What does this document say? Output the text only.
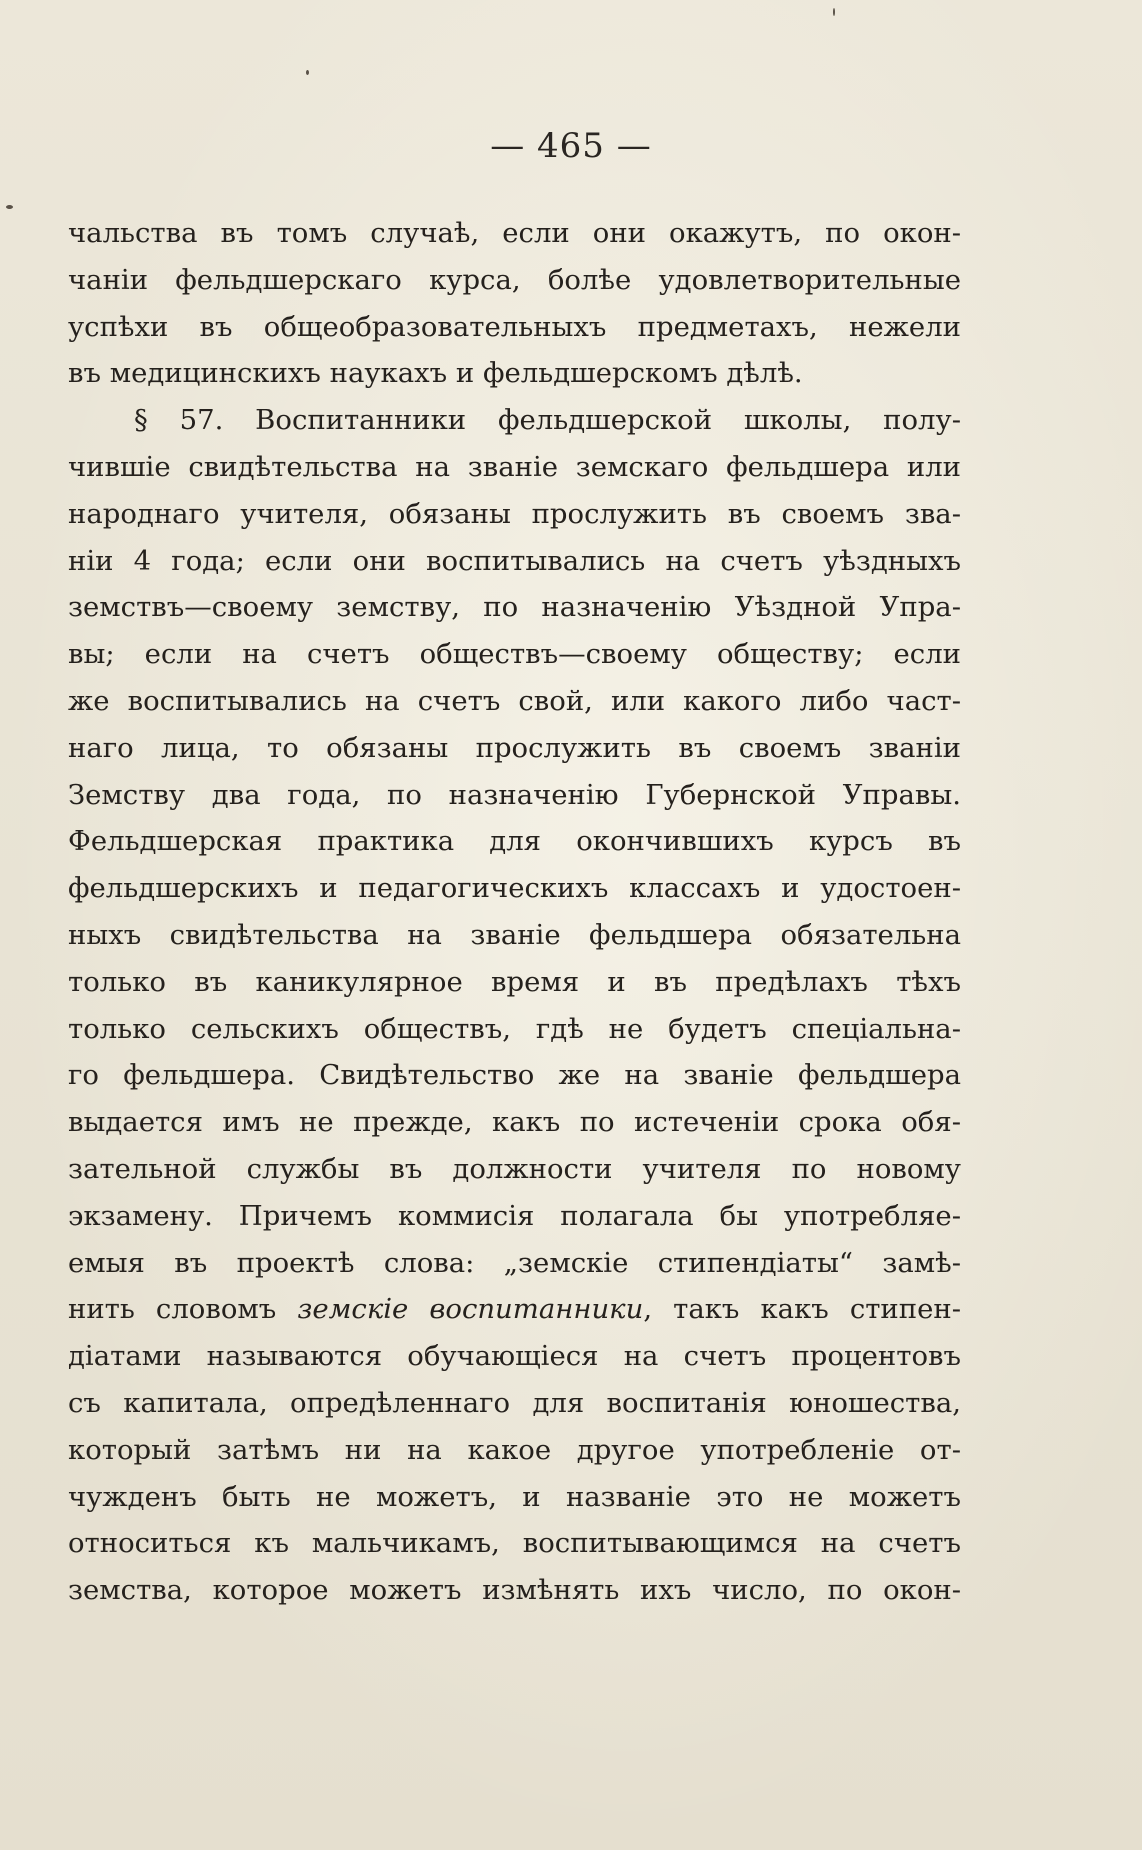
— 465 —
чальства въ томъ случаѣ, если они окажутъ, по окон-
чаніи фельдшерскаго курса, болѣе удовлетворительные
успѣхи въ общеобразовательныхъ предметахъ, нежели
въ медицинскихъ наукахъ и фельдшерскомъ дѣлѣ.
§ 57. Воспитанники фельдшерской школы, полу-
чившіе свидѣтельства на званіе земскаго фельдшера или
народнаго учителя, обязаны прослужить въ своемъ зва-
ніи 4 года; если они воспитывались на счетъ уѣздныхъ
земствъ—своему земству, по назначенію Уѣздной Упра-
вы; если на счетъ обществъ—своему обществу; если
же воспитывались на счетъ свой, или какого либо част-
наго лица, то обязаны прослужить въ своемъ званіи
Земству два года, по назначенію Губернской Управы.
Фельдшерская практика для окончившихъ курсъ въ
фельдшерскихъ и педагогическихъ классахъ и удостоен-
ныхъ свидѣтельства на званіе фельдшера обязательна
только въ каникулярное время и въ предѣлахъ тѣхъ
только сельскихъ обществъ, гдѣ не будетъ спеціальна-
го фельдшера. Свидѣтельство же на званіе фельдшера
выдается имъ не прежде, какъ по истеченіи срока обя-
зательной службы въ должности учителя по новому
экзамену. Причемъ коммисія полагала бы употребляе-
емыя въ проектѣ слова: „земскіе стипендіаты“ замѣ-
нить словомъ земскіе воспитанники, такъ какъ стипен-
діатами называются обучающіеся на счетъ процентовъ
съ капитала, опредѣленнаго для воспитанія юношества,
который затѣмъ ни на какое другое употребленіе от-
чужденъ быть не можетъ, и названіе это не можетъ
относиться къ мальчикамъ, воспитывающимся на счетъ
земства, которое можетъ измѣнять ихъ число, по окон-
